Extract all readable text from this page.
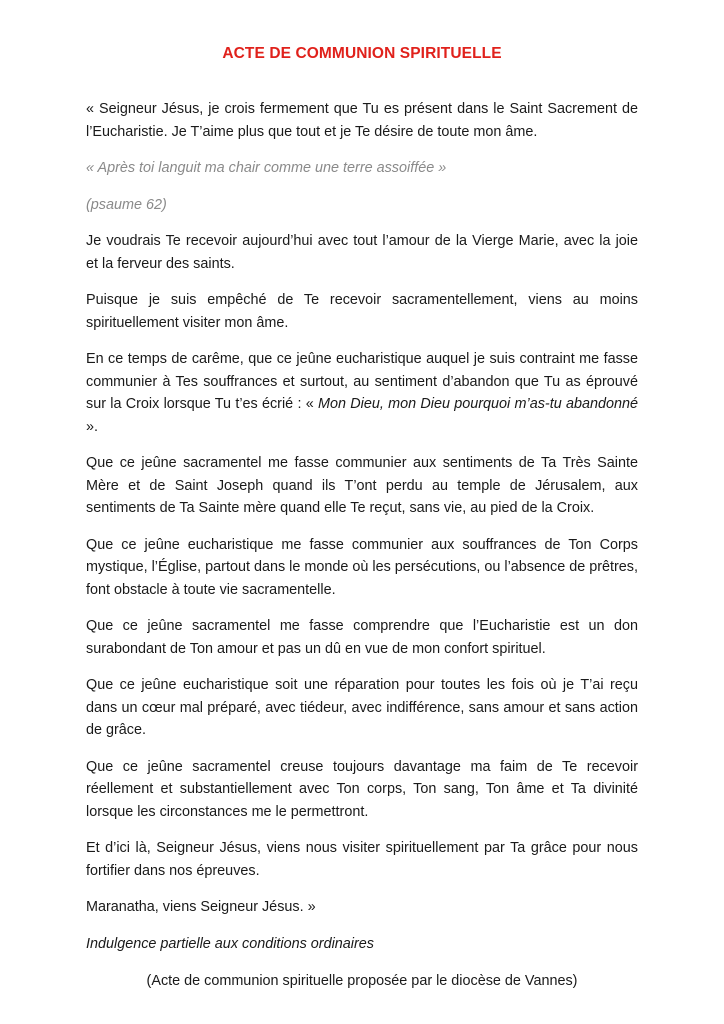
ACTE DE COMMUNION SPIRITUELLE

« Seigneur Jésus, je crois fermement que Tu es présent dans le Saint Sacrement de l’Eucharistie. Je T’aime plus que tout et je Te désire de toute mon âme.

« Après toi languit ma chair comme une terre assoiffée »

(psaume 62)

Je voudrais Te recevoir aujourd’hui avec tout l’amour de la Vierge Marie, avec la joie et la ferveur des saints.

Puisque je suis empêché de Te recevoir sacramentellement, viens au moins spirituellement visiter mon âme.

En ce temps de carême, que ce jeûne eucharistique auquel je suis contraint me fasse communier à Tes souffrances et surtout, au sentiment d’abandon que Tu as éprouvé sur la Croix lorsque Tu t’es écrié : « Mon Dieu, mon Dieu pourquoi m’as-tu abandonné ».

Que ce jeûne sacramentel me fasse communier aux sentiments de Ta Très Sainte Mère et de Saint Joseph quand ils T’ont perdu au temple de Jérusalem, aux sentiments de Ta Sainte mère quand elle Te reçut, sans vie, au pied de la Croix.

Que ce jeûne eucharistique me fasse communier aux souffrances de Ton Corps mystique, l’Église, partout dans le monde où les persécutions, ou l’absence de prêtres, font obstacle à toute vie sacramentelle.

Que ce jeûne sacramentel me fasse comprendre que l’Eucharistie est un don surabondant de Ton amour et pas un dû en vue de mon confort spirituel.

Que ce jeûne eucharistique soit une réparation pour toutes les fois où je T’ai reçu dans un cœur mal préparé, avec tiédeur, avec indifférence, sans amour et sans action de grâce.

Que ce jeûne sacramentel creuse toujours davantage ma faim de Te recevoir réellement et substantiellement avec Ton corps, Ton sang, Ton âme et Ta divinité lorsque les circonstances me le permettront.

Et d’ici là, Seigneur Jésus, viens nous visiter spirituellement par Ta grâce pour nous fortifier dans nos épreuves.

Maranatha, viens Seigneur Jésus. »

Indulgence partielle aux conditions ordinaires

(Acte de communion spirituelle proposée par le diocèse de Vannes)
